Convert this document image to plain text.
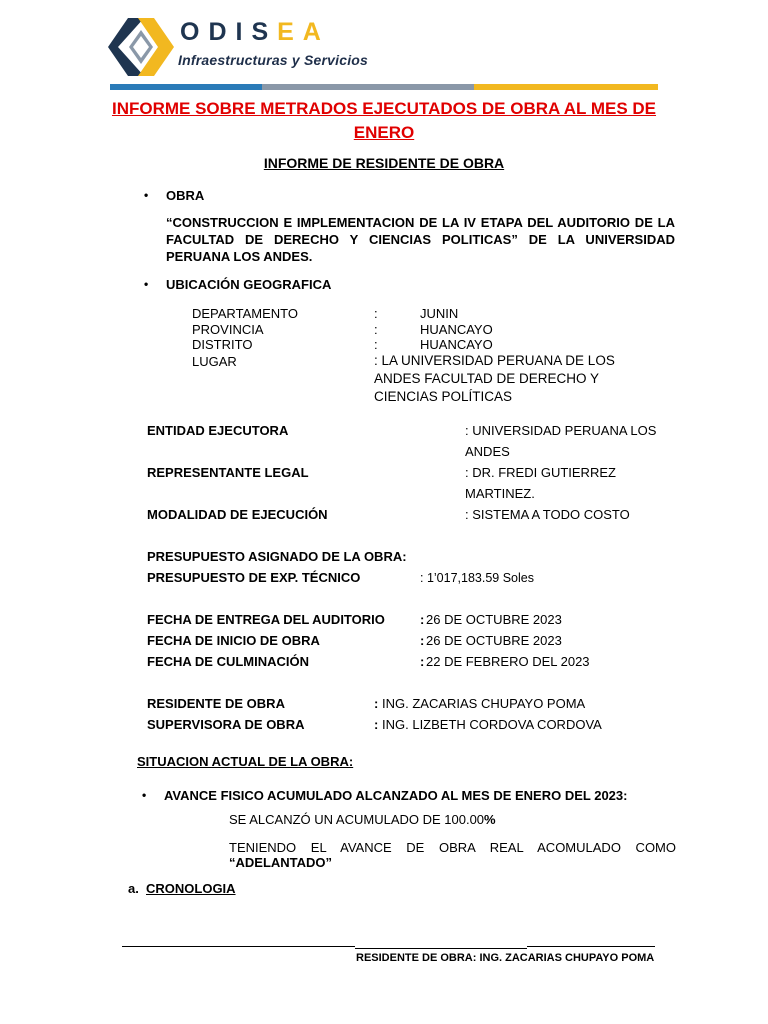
ODISEA
Infraestructuras y Servicios
INFORME SOBRE METRADOS EJECUTADOS DE OBRA AL MES DE ENERO
INFORME DE RESIDENTE DE OBRA
• OBRA
“CONSTRUCCION E IMPLEMENTACION DE LA IV ETAPA DEL AUDITORIO DE LA FACULTAD DE DERECHO Y CIENCIAS POLITICAS” DE LA UNIVERSIDAD PERUANA LOS ANDES.
• UBICACIÓN GEOGRAFICA
DEPARTAMENTO	:	JUNIN
PROVINCIA	:	HUANCAYO
DISTRITO	:	HUANCAYO
LUGAR	: LA UNIVERSIDAD PERUANA DE LOS ANDES FACULTAD DE DERECHO Y CIENCIAS POLÍTICAS
ENTIDAD EJECUTORA	: UNIVERSIDAD PERUANA LOS ANDES
REPRESENTANTE LEGAL	: DR. FREDI GUTIERREZ MARTINEZ.
MODALIDAD DE EJECUCIÓN	: SISTEMA A TODO COSTO
PRESUPUESTO ASIGNADO DE LA OBRA:
PRESUPUESTO DE EXP. TÉCNICO	: 1’017,183.59 Soles
FECHA DE ENTREGA DEL AUDITORIO	: 26 DE OCTUBRE 2023
FECHA DE INICIO DE OBRA	: 26 DE OCTUBRE 2023
FECHA DE CULMINACIÓN	: 22 DE FEBRERO DEL 2023
RESIDENTE DE OBRA	: ING. ZACARIAS CHUPAYO POMA
SUPERVISORA DE OBRA	: ING. LIZBETH CORDOVA CORDOVA
SITUACION ACTUAL DE LA OBRA:
• AVANCE FISICO ACUMULADO ALCANZADO AL MES DE ENERO DEL 2023:
SE ALCANZÓ UN ACUMULADO DE 100.00%
TENIENDO EL AVANCE DE OBRA REAL ACOMULADO COMO
“ADELANTADO”
a. CRONOLOGIA
RESIDENTE DE OBRA: ING. ZACARIAS CHUPAYO POMA
